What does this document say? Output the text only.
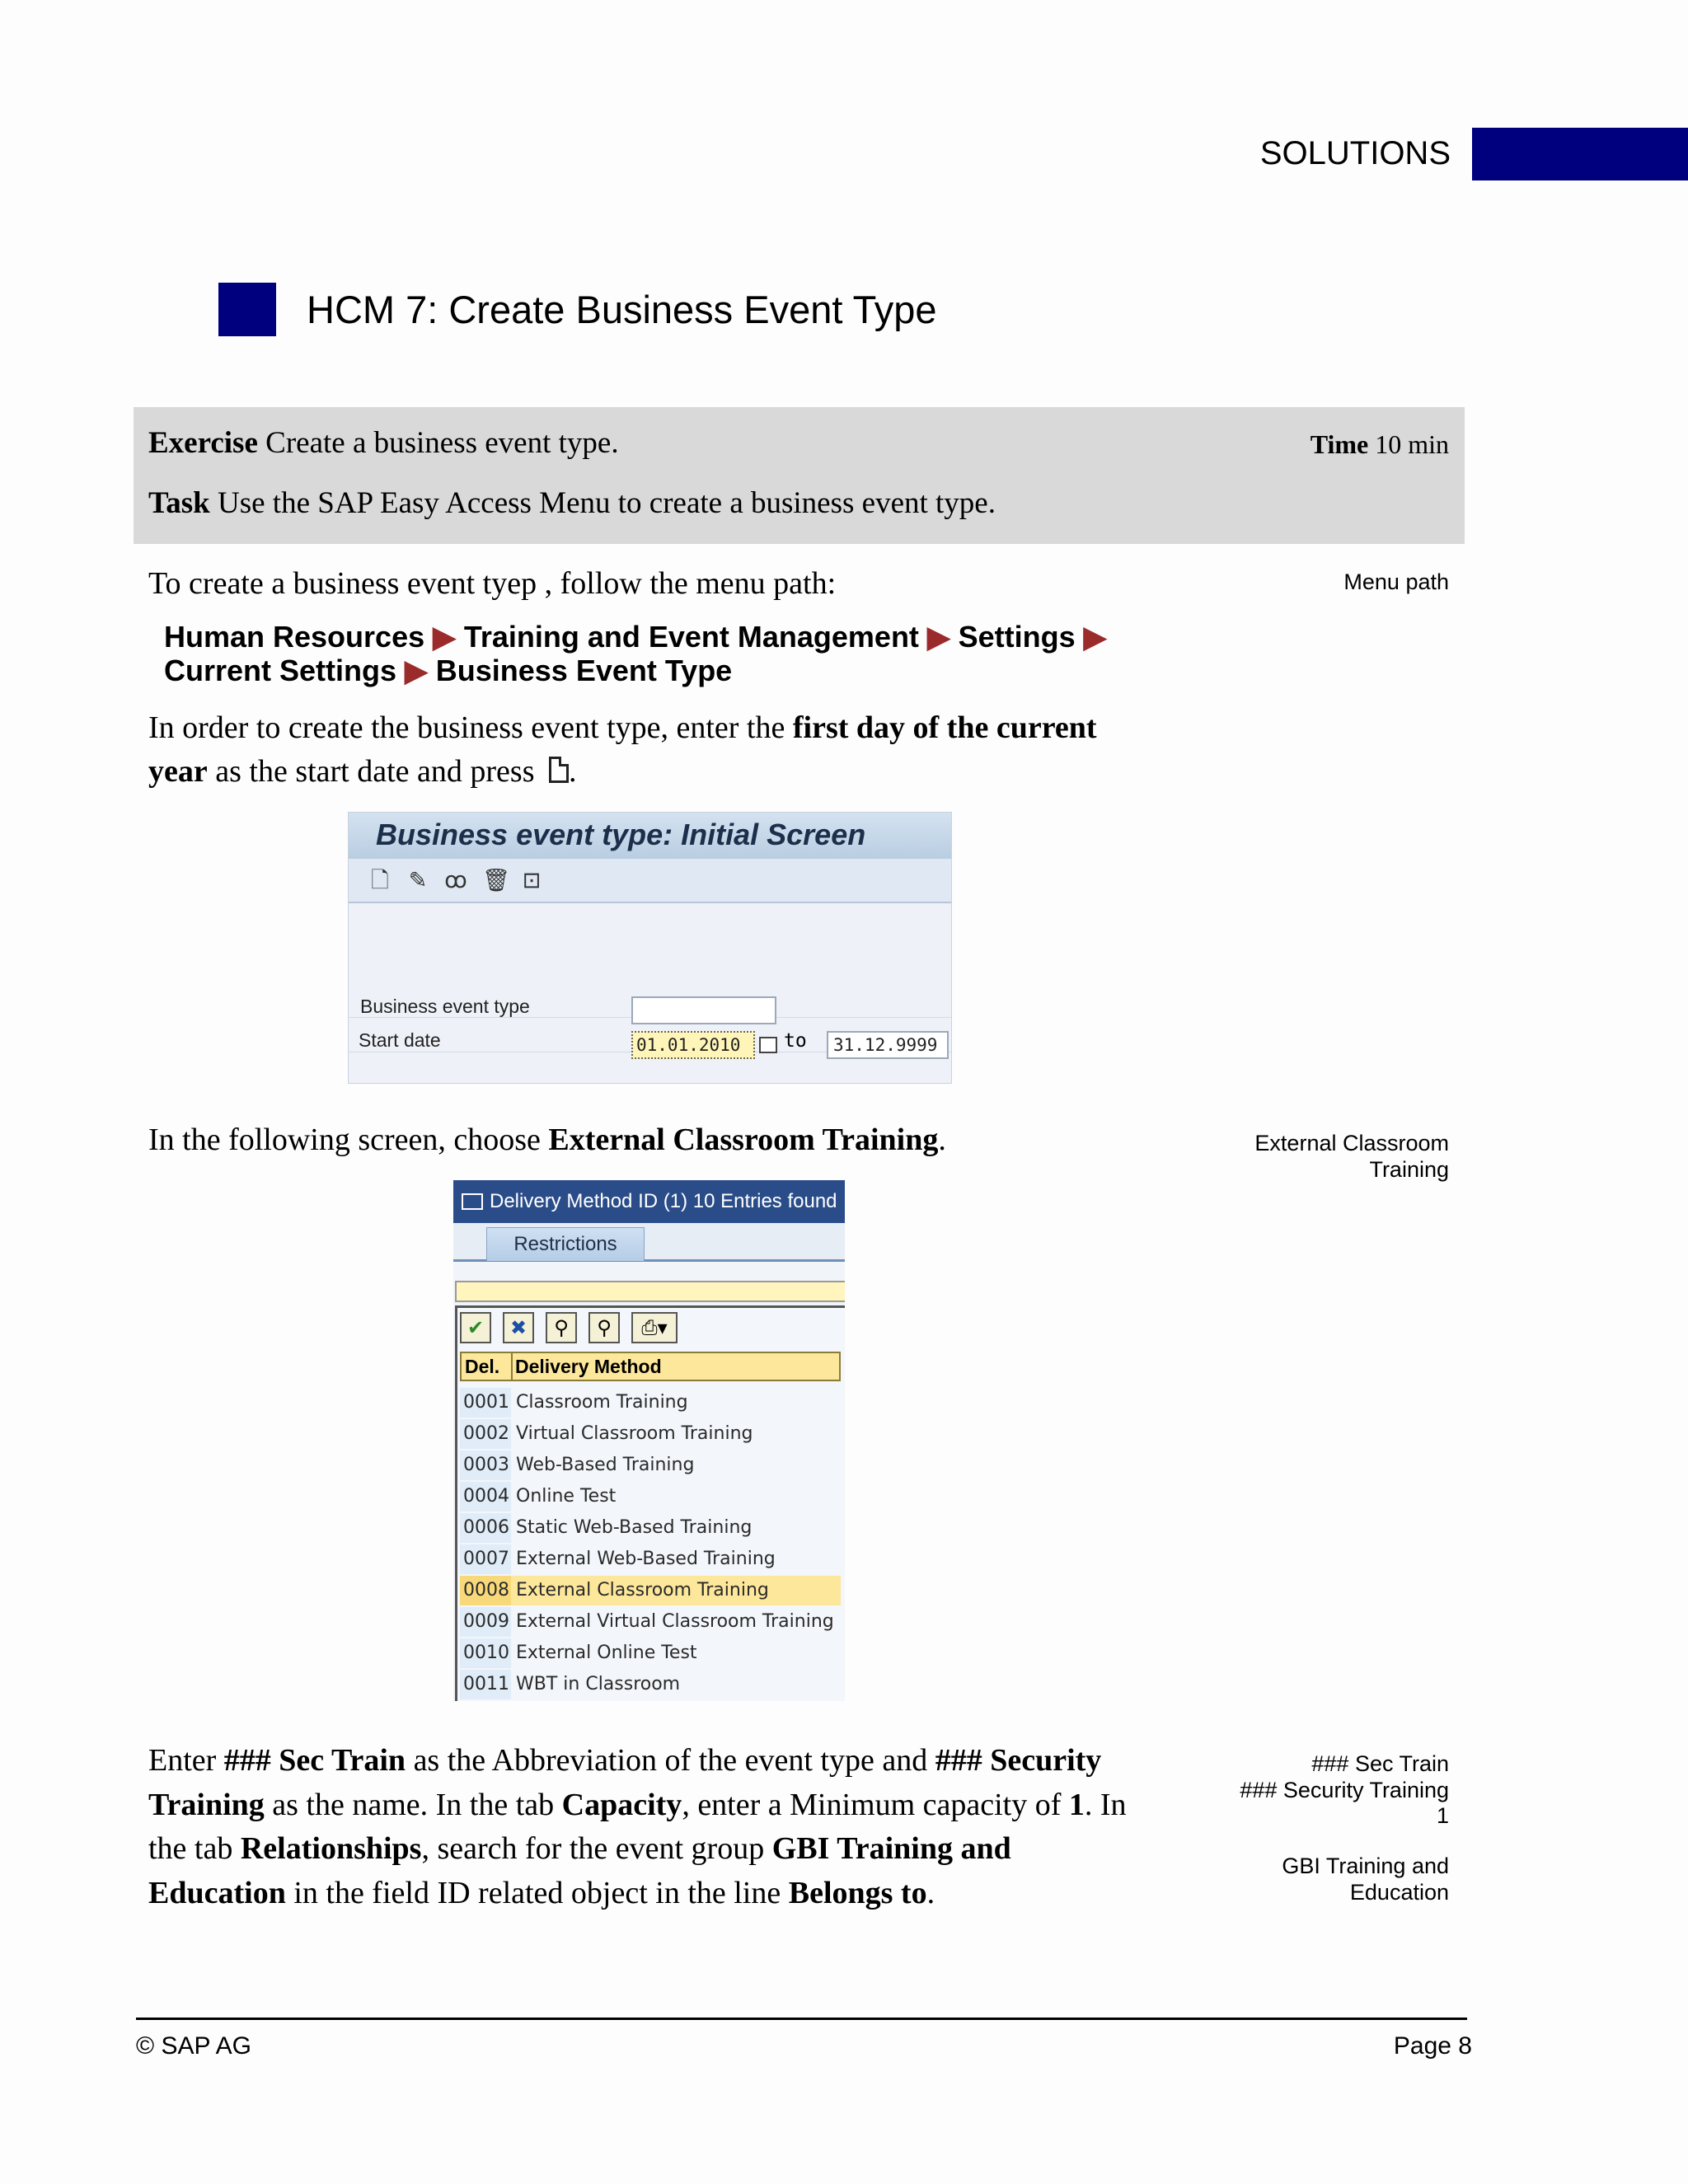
SOLUTIONS
HCM 7: Create Business Event Type
Exercise Create a business event type.
Task Use the SAP Easy Access Menu to create a business event type.
Time 10 min
To create a business event tyep , follow the menu path:	Menu path
Human Resources ▶ Training and Event Management ▶ Settings ▶
Current Settings ▶ Business Event Type
In order to create the business event type, enter the first day of the current year as the start date and press .
Business event type: Initial Screen
🗋 ✎ ꝏ 🗑 ⊡
Business event type
Start date	01.01.2010	to	31.12.9999
In the following screen, choose External Classroom Training.	External Classroom Training
Delivery Method ID (1) 10 Entries found
Restrictions
✔	✖	⚲	⚲	⎙▾
Del. Delivery Method
0001 Classroom Training
0002 Virtual Classroom Training
0003 Web-Based Training
0004 Online Test
0006 Static Web-Based Training
0007 External Web-Based Training
0008 External Classroom Training
0009 External Virtual Classroom Training
0010 External Online Test
0011 WBT in Classroom
Enter ### Sec Train as the Abbreviation of the event type and ### Security Training as the name. In the tab Capacity, enter a Minimum capacity of 1. In the tab Relationships, search for the event group GBI Training and Education in the field ID related object in the line Belongs to.
### Sec Train
### Security Training
1
GBI Training and
Education
© SAP AG	Page 8
